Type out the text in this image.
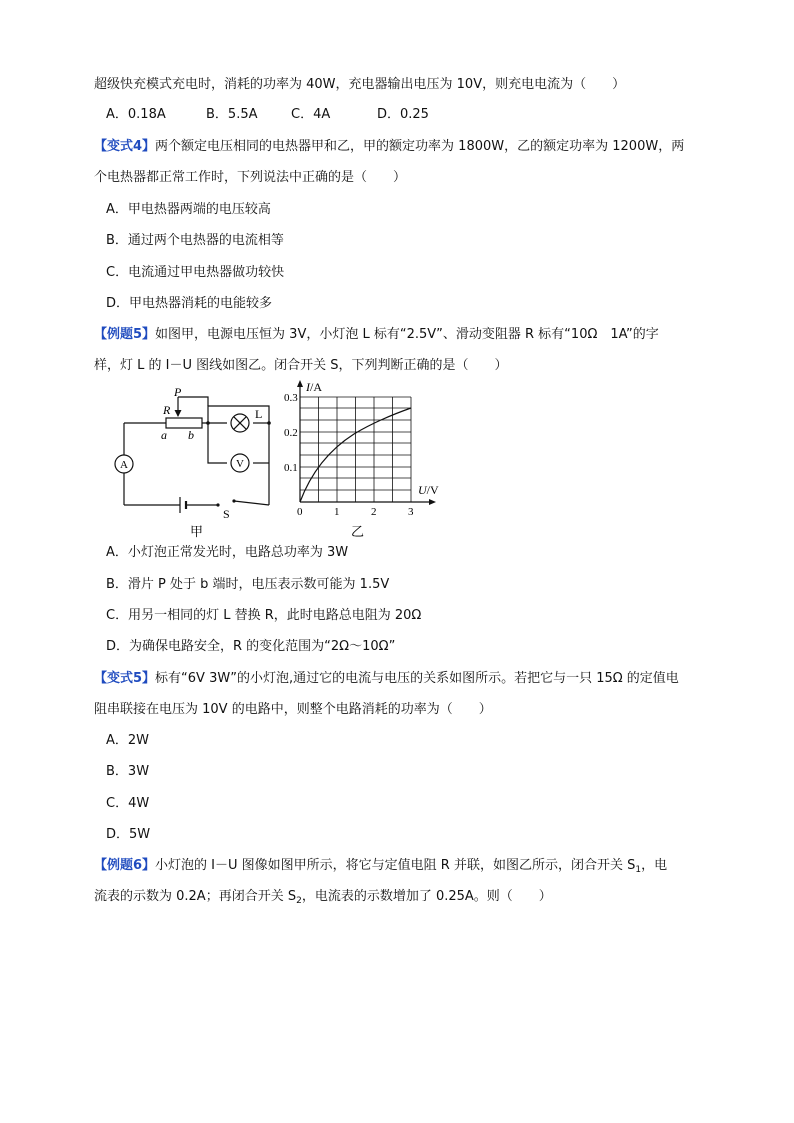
超级快充模式充电时，消耗的功率为 40W，充电器输出电压为 10V，则充电电流为（　　）
A．0.18A	B．5.5A	C．4A	D．0.25
【变式4】两个额定电压相同的电热器甲和乙，甲的额定功率为 1800W，乙的额定功率为 1200W，两
个电热器都正常工作时，下列说法中正确的是（　　）
A．甲电热器两端的电压较高
B．通过两个电热器的电流相等
C．电流通过甲电热器做功较快
D．甲电热器消耗的电能较多
【例题5】如图甲，电源电压恒为 3V，小灯泡 L 标有“2.5V”、滑动变阻器 R 标有“10Ω　1A”的字
样，灯 L 的 I－U 图线如图乙。闭合开关 S，下列判断正确的是（　　）
R
P
a b
L
A	V
S
甲
I/A
U/V
0.3
0.2
0.1
0	1	2	3
乙
A．小灯泡正常发光时，电路总功率为 3W
B．滑片 P 处于 b 端时，电压表示数可能为 1.5V
C．用另一相同的灯 L 替换 R，此时电路总电阻为 20Ω
D．为确保电路安全，R 的变化范围为“2Ω～10Ω”
【变式5】标有“6V 3W”的小灯泡,通过它的电流与电压的关系如图所示。若把它与一只 15Ω 的定值电
阻串联接在电压为 10V 的电路中，则整个电路消耗的功率为（　　）
A．2W
B．3W
C．4W
D．5W
【例题6】小灯泡的 I－U 图像如图甲所示，将它与定值电阻 R 并联，如图乙所示，闭合开关 $S_1$，电
流表的示数为 0.2A；再闭合开关 $S_2$，电流表的示数增加了 0.25A。则（　　）
